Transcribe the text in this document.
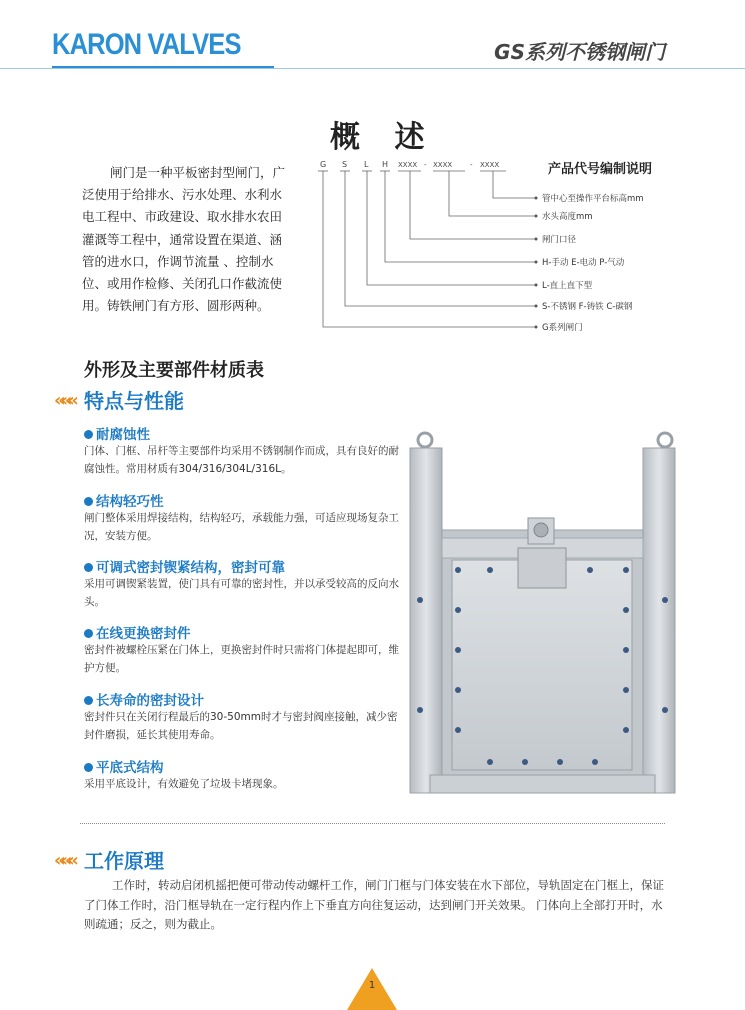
KARON VALVES	GS系列不锈钢闸门
概 述
闸门是一种平板密封型闸门，广泛使用于给排水、污水处理、水利水电工程中、市政建设、取水排水农田灌溉等工程中，通常设置在渠道、涵管的进水口，作调节流量 、控制水位、或用作检修、关闭孔口作截流使用。铸铁闸门有方形、圆形两种。
产品代号编制说明
G S L H XXXX - XXXX	- XXXX
管中心至操作平台标高mm
水头高度mm
闸门口径
H-手动 E-电动 P-气动
L-直上直下型
S-不锈钢 F-铸铁 C-碳钢
G系列闸门
外形及主要部件材质表
««« 特点与性能
耐腐蚀性
门体、门框、吊杆等主要部件均采用不锈钢制作而成，具有良好的耐腐蚀性。常用材质有304/316/304L/316L。
结构轻巧性
闸门整体采用焊接结构，结构轻巧，承载能力强，可适应现场复杂工况，安装方便。
可调式密封锲紧结构，密封可靠
采用可调锲紧装置，使门具有可靠的密封性，并以承受较高的反向水头。
在线更换密封件
密封件被螺栓压紧在门体上，更换密封件时只需将门体提起即可，维护方便。
长寿命的密封设计
密封件只在关闭行程最后的30-50mm时才与密封阀座接触，减少密封件磨损，延长其使用寿命。
平底式结构
采用平底设计，有效避免了垃圾卡堵现象。
««« 工作原理
工作时，转动启闭机摇把便可带动传动螺杆工作，闸门门框与门体安装在水下部位，导轨固定在门框上，保证了门体工作时，沿门框导轨在一定行程内作上下垂直方向往复运动，达到闸门开关效果。 门体向上全部打开时，水则疏通；反之，则为截止。
1
